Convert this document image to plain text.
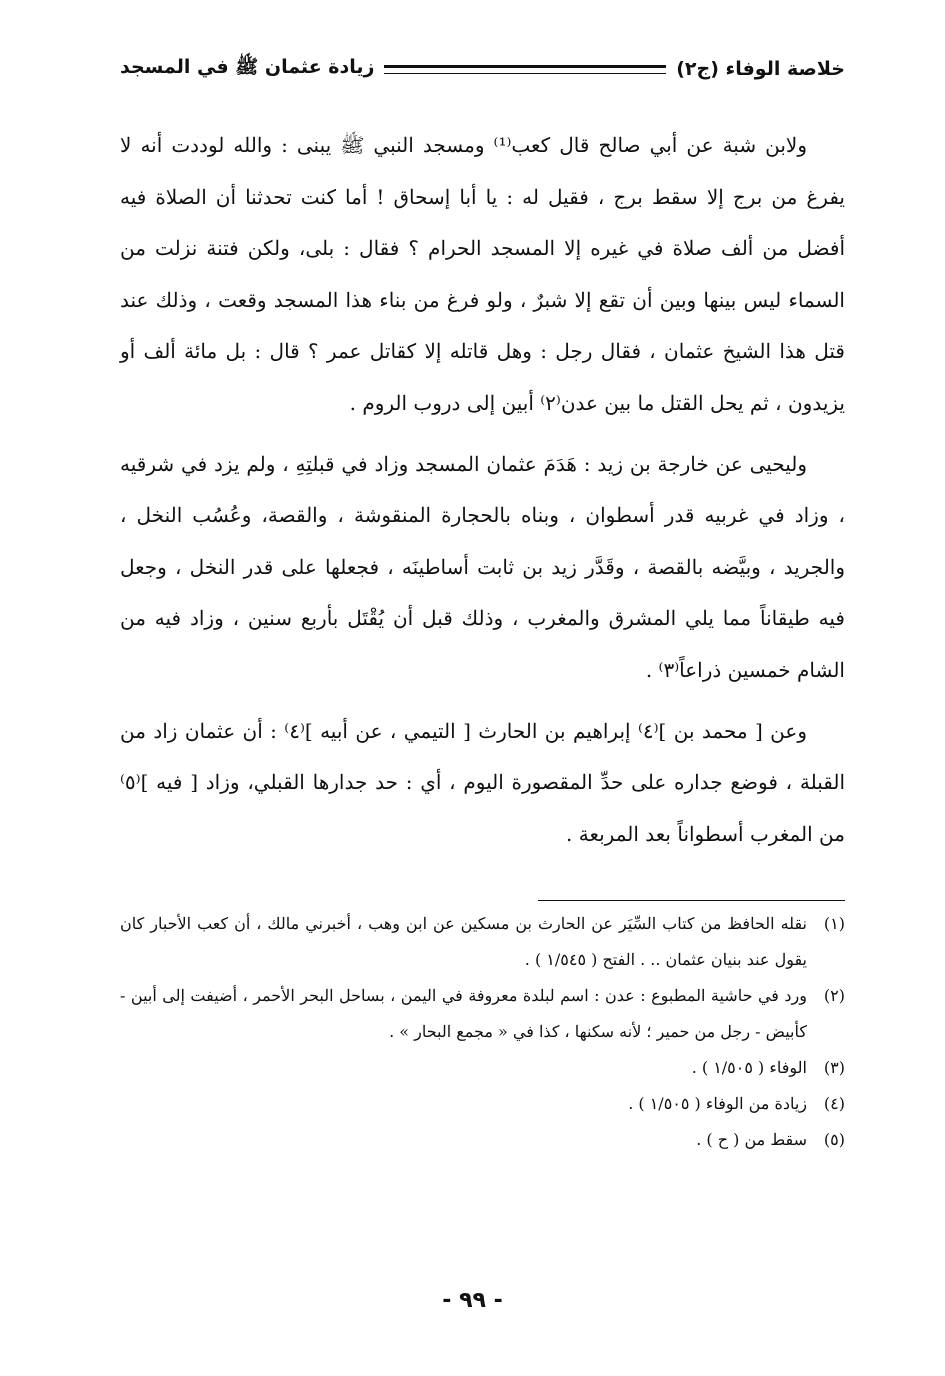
خلاصة الوفاء (ج٢)
زيادة عثمان ﷺ في المسجد

ولابن شبة عن أبي صالح قال كعب⁽¹⁾ ومسجد النبي ﷺ يبنى : والله لوددت أنه لا يفرغ من برج إلا سقط برج ، فقيل له : يا أبا إسحاق ! أما كنت تحدثنا أن الصلاة فيه أفضل من ألف صلاة في غيره إلا المسجد الحرام ؟ فقال : بلى، ولكن فتنة نزلت من السماء ليس بينها وبين أن تقع إلا شبرٌ ، ولو فرغ من بناء هذا المسجد وقعت ، وذلك عند قتل هذا الشيخ عثمان ، فقال رجل : وهل قاتله إلا كقاتل عمر ؟ قال : بل مائة ألف أو يزيدون ، ثم يحل القتل ما بين عدن⁽٢⁾ أبين إلى دروب الروم .

وليحيى عن خارجة بن زيد : هَدَمَ عثمان المسجد وزاد في قبلتِهِ ، ولم يزد في شرقيه ، وزاد في غربيه قدر أسطوان ، وبناه بالحجارة المنقوشة ، والقصة، وعُسُب النخل ، والجريد ، وبيَّضه بالقصة ، وقَدَّر زيد بن ثابت أساطينَه ، فجعلها على قدر النخل ، وجعل فيه طيقاناً مما يلي المشرق والمغرب ، وذلك قبل أن يُقْتَل بأربع سنين ، وزاد فيه من الشام خمسين ذراعاً⁽٣⁾ .

وعن [ محمد بن ]⁽٤⁾ إبراهيم بن الحارث [ التيمي ، عن أبيه ]⁽٤⁾ : أن عثمان زاد من القبلة ، فوضع جداره على حدِّ المقصورة اليوم ، أي : حد جدارها القبلي، وزاد [ فيه ]⁽٥⁾ من المغرب أسطواناً بعد المربعة .

(١)
نقله الحافظ من كتاب السِّيَر عن الحارث بن مسكين عن ابن وهب ، أخبرني مالك ، أن كعب الأحبار كان يقول عند بنيان عثمان .. . الفتح ( ١/٥٤٥ ) .

(٢)
ورد في حاشية المطبوع : عدن : اسم لبلدة معروفة في اليمن ، بساحل البحر الأحمر ، أضيفت إلى أبين - كأبيض - رجل من حمير ؛ لأنه سكنها ، كذا في « مجمع البحار » .

(٣)
الوفاء ( ١/٥٠٥ ) .

(٤)
زيادة من الوفاء ( ١/٥٠٥ ) .

(٥)
سقط من ( ح ) .

- ٩٩ -
